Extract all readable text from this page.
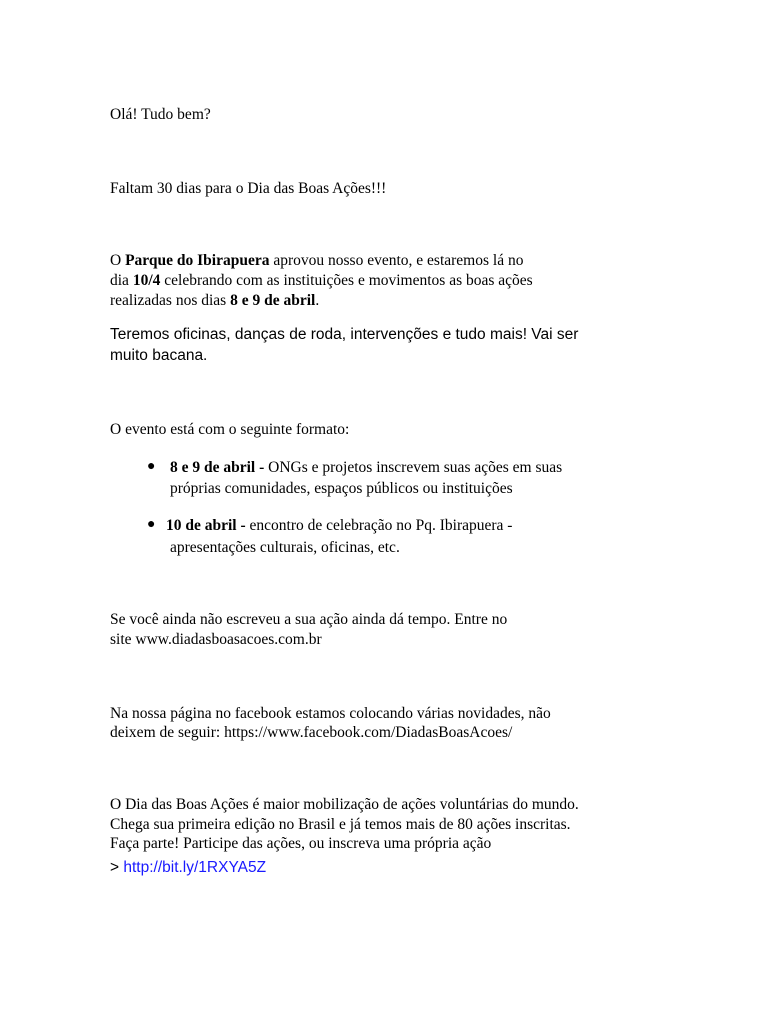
Olá! Tudo bem?

Faltam 30 dias para o Dia das Boas Ações!!!

O Parque do Ibirapuera aprovou nosso evento, e estaremos lá no

dia 10/4 celebrando com as instituições e movimentos as boas ações

realizadas nos dias 8 e 9 de abril.

Teremos oficinas, danças de roda, intervenções e tudo mais! Vai ser

muito bacana.

O evento está com o seguinte formato:

● 8 e 9 de abril - ONGs e projetos inscrevem suas ações em suas

próprias comunidades, espaços públicos ou instituições

● 10 de abril - encontro de celebração no Pq. Ibirapuera -

apresentações culturais, oficinas, etc.

Se você ainda não escreveu a sua ação ainda dá tempo. Entre no

site www.diadasboasacoes.com.br

Na nossa página no facebook estamos colocando várias novidades, não

deixem de seguir: https://www.facebook.com/DiadasBoasAcoes/

O Dia das Boas Ações é maior mobilização de ações voluntárias do mundo.

Chega sua primeira edição no Brasil e já temos mais de 80 ações inscritas.

Faça parte! Participe das ações, ou inscreva uma própria ação

> http://bit.ly/1RXYA5Z
